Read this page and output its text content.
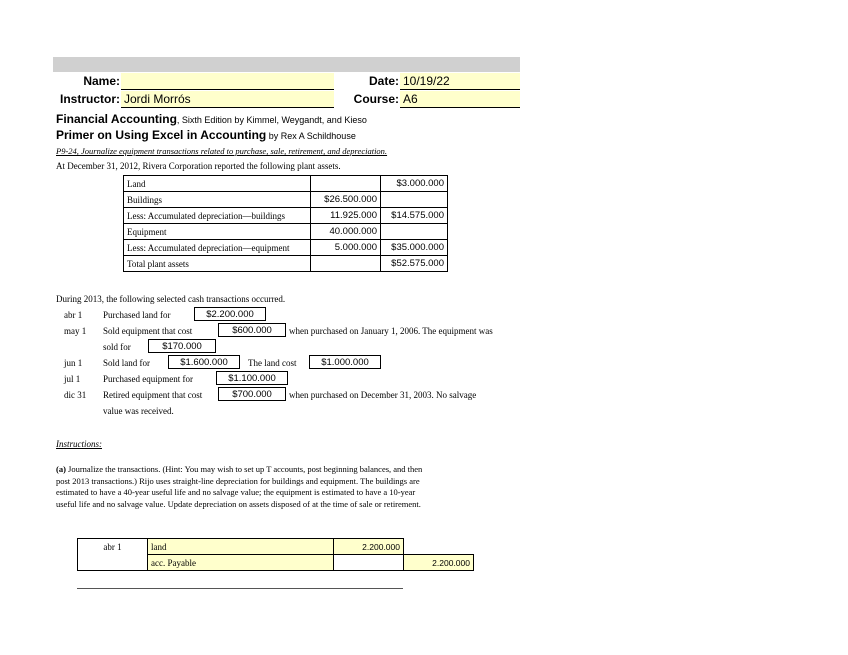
Name:	Date: 10/19/22
Instructor: Jordi Morrós	Course: A6
Financial Accounting, Sixth Edition by Kimmel, Weygandt, and Kieso
Primer on Using Excel in Accounting by Rex A Schildhouse
P9-24, Journalize equipment transactions related to purchase, sale, retirement, and depreciation.
At December 31, 2012, Rivera Corporation reported the following plant assets.
Land		$3.000.000
Buildings	$26.500.000	
Less: Accumulated depreciation—buildings	11.925.000	$14.575.000
Equipment	40.000.000	
Less: Accumulated depreciation—equipment	5.000.000	$35.000.000
Total plant assets		$52.575.000
During 2013, the following selected cash transactions occurred.
abr 1 Purchased land for	$2.200.000
may 1 Sold equipment that cost	$600.000	when purchased on January 1, 2006. The equipment was
sold for	$170.000
jun 1 Sold land for	$1.600.000	The land cost	$1.000.000
jul 1	Purchased equipment for	$1.100.000
dic 31 Retired equipment that cost	$700.000	when purchased on December 31, 2003. No salvage
value was received.
Instructions:
(a) Journalize the transactions. (Hint: You may wish to set up T accounts, post beginning balances, and then
post 2013 transactions.) Rijo uses straight-line depreciation for buildings and equipment. The buildings are
estimated to have a 40-year useful life and no salvage value; the equipment is estimated to have a 10-year
useful life and no salvage value. Update depreciation on assets disposed of at the time of sale or retirement.
abr 1	land	2.200.000	
	acc. Payable		2.200.000
